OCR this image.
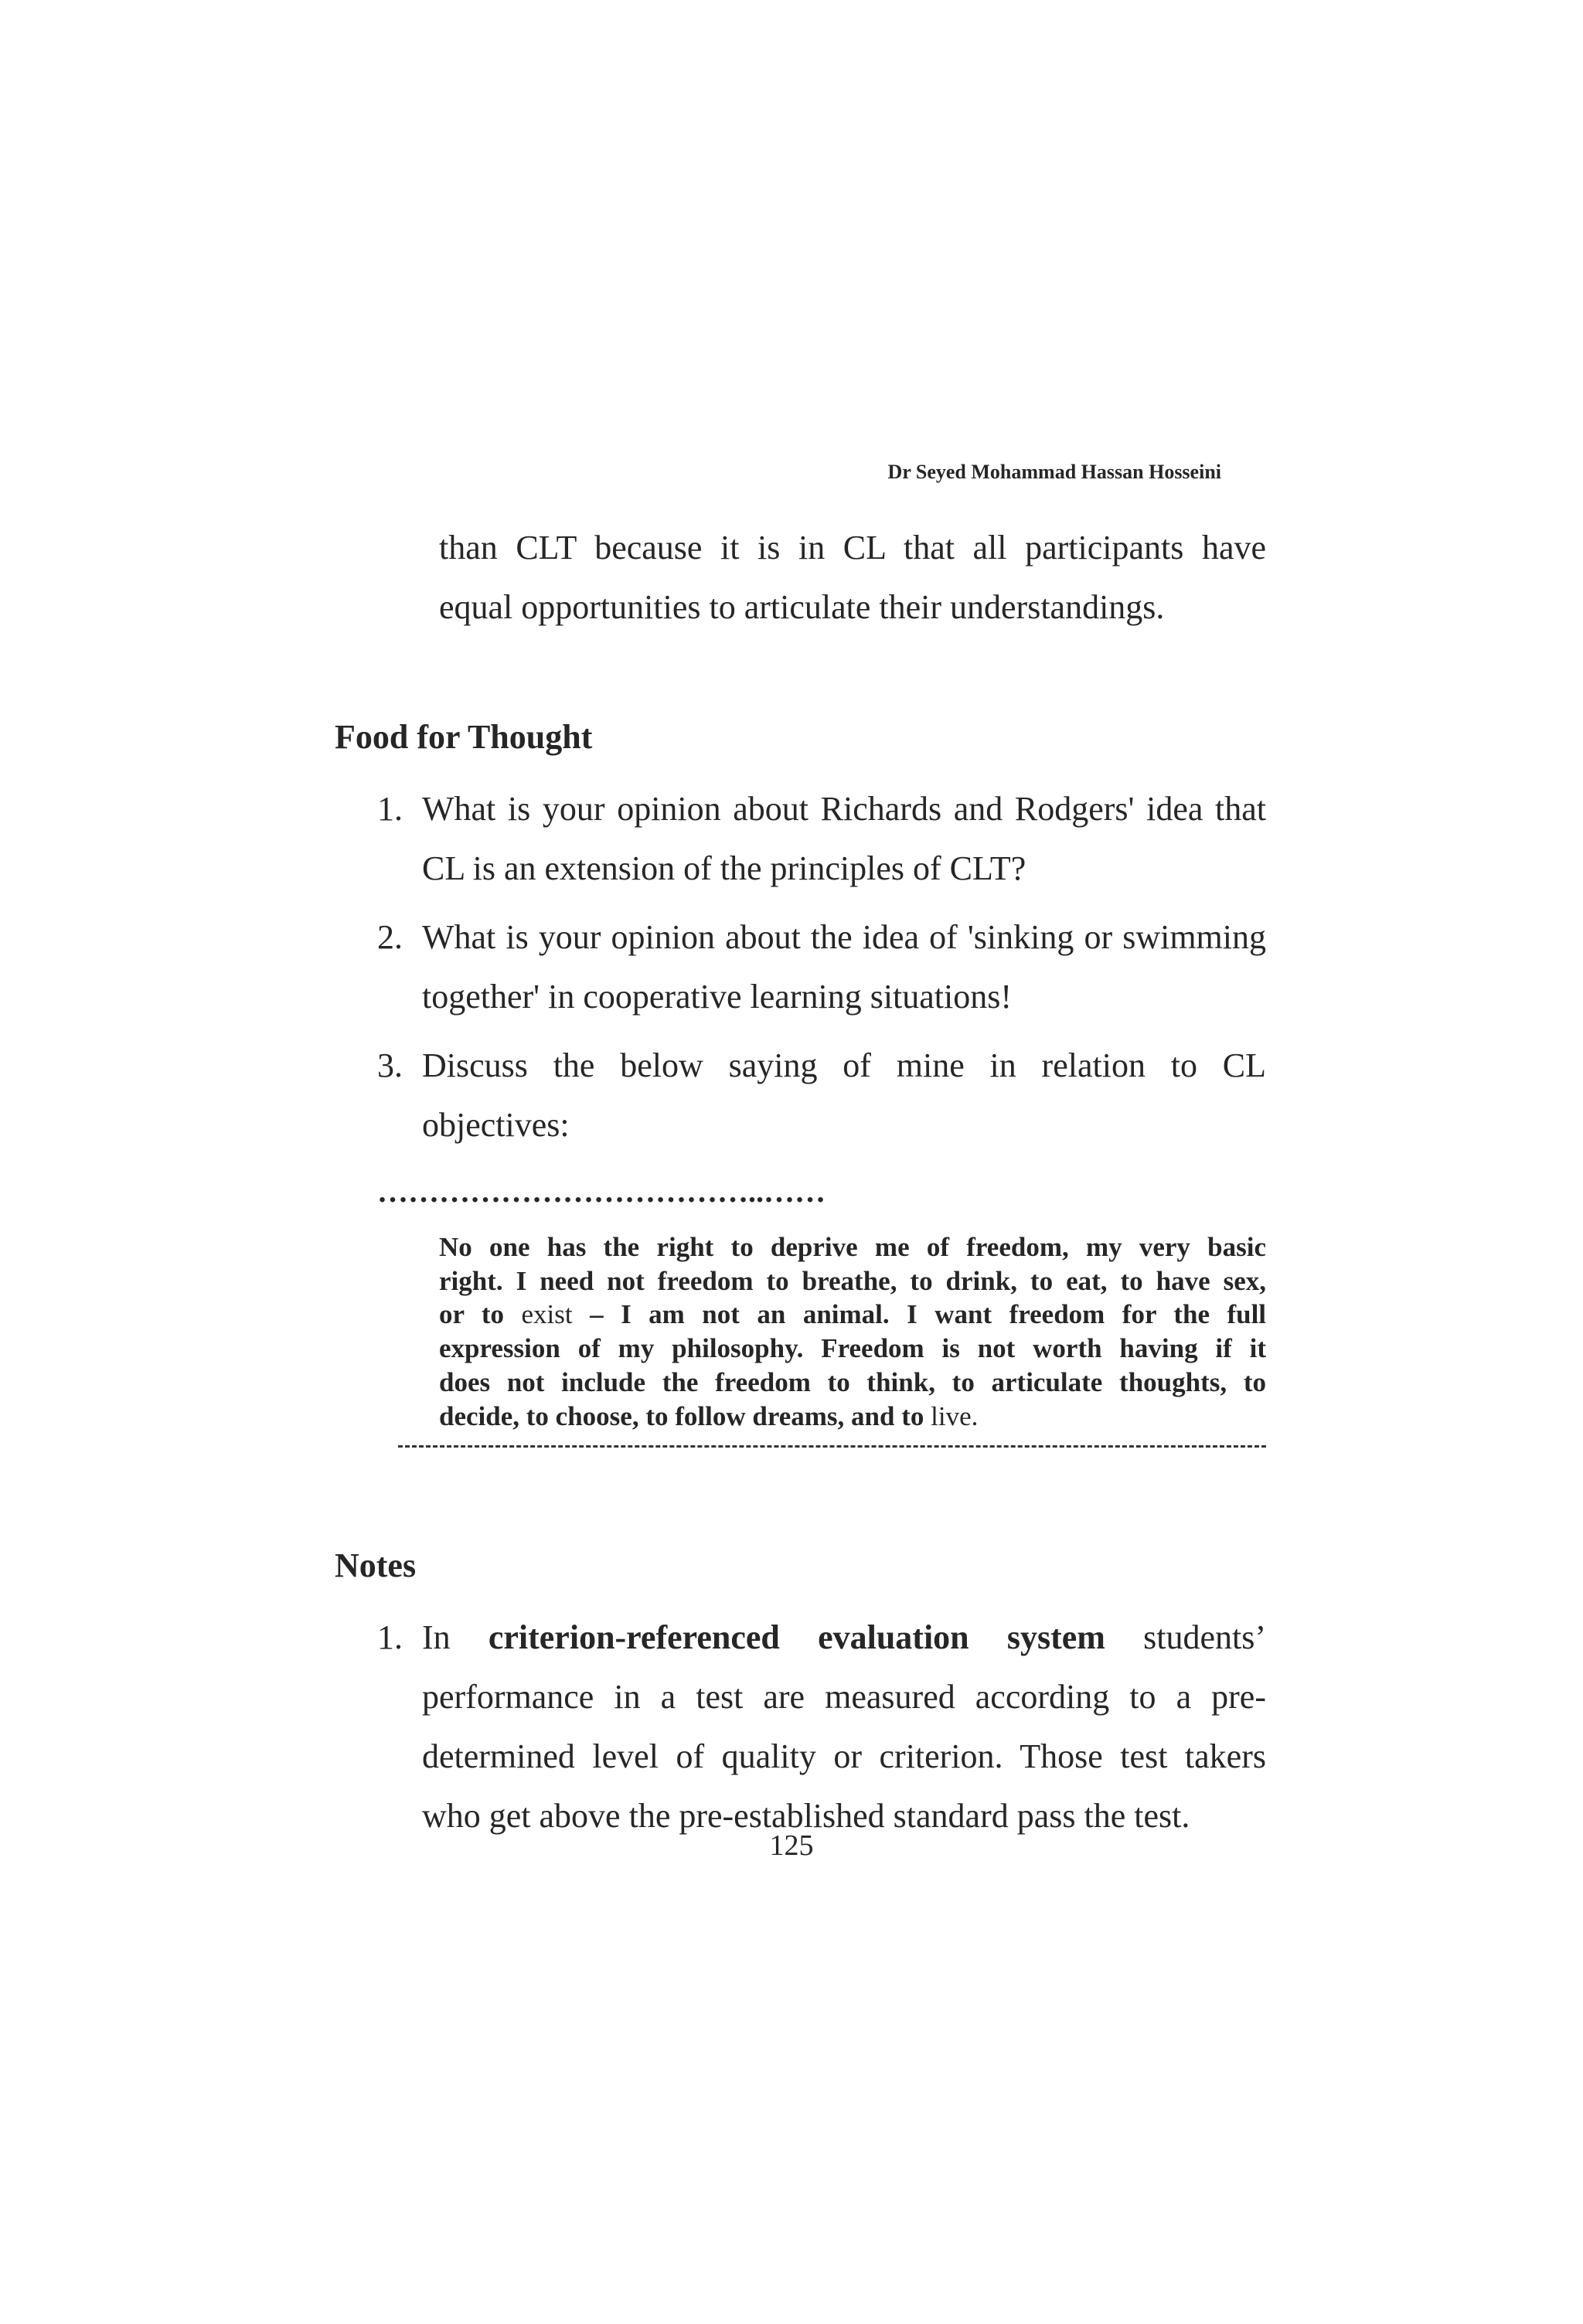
Dr Seyed Mohammad Hassan Hosseini

than CLT because it is in CL that all participants have

equal opportunities to articulate their understandings.

Food for Thought
1. What is your opinion about Richards and Rodgers' idea that
CL is an extension of the principles of CLT?
2. What is your opinion about the idea of 'sinking or swimming
together' in cooperative learning situations!
3. Discuss the below saying of mine in relation to CL
objectives:
………………………………..……
No one has the right to deprive me of freedom, my very basic
right. I need not freedom to breathe, to drink, to eat, to have sex,
or to exist – I am not an animal. I want freedom for the full
expression of my philosophy. Freedom is not worth having if it
does not include the freedom to think, to articulate thoughts, to
decide, to choose, to follow dreams, and to live.
Notes
1. In criterion-referenced evaluation system students’
performance in a test are measured according to a pre-
determined level of quality or criterion. Those test takers
who get above the pre-established standard pass the test.
125
